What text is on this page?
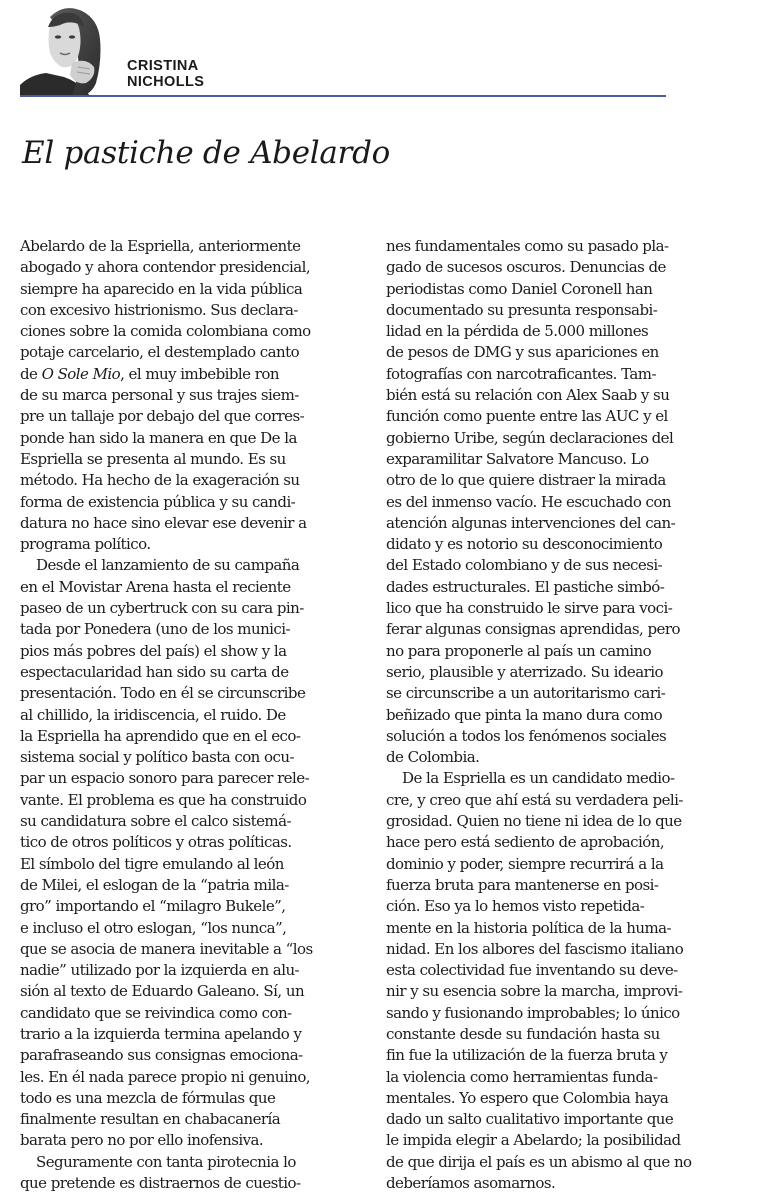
CRISTINA
NICHOLLS
El pastiche de Abelardo
Abelardo de la Espriella, anteriormente
abogado y ahora contendor presidencial,
siempre ha aparecido en la vida pública
con excesivo histrionismo. Sus declara-
ciones sobre la comida colombiana como
potaje carcelario, el destemplado canto
de O Sole Mio, el muy imbebible ron
de su marca personal y sus trajes siem-
pre un tallaje por debajo del que corres-
ponde han sido la manera en que De la
Espriella se presenta al mundo. Es su
método. Ha hecho de la exageración su
forma de existencia pública y su candi-
datura no hace sino elevar ese devenir a
programa político.
Desde el lanzamiento de su campaña
en el Movistar Arena hasta el reciente
paseo de un cybertruck con su cara pin-
tada por Ponedera (uno de los munici-
pios más pobres del país) el show y la
espectacularidad han sido su carta de
presentación. Todo en él se circunscribe
al chillido, la iridiscencia, el ruido. De
la Espriella ha aprendido que en el eco-
sistema social y político basta con ocu-
par un espacio sonoro para parecer rele-
vante. El problema es que ha construido
su candidatura sobre el calco sistemá-
tico de otros políticos y otras políticas.
El símbolo del tigre emulando al león
de Milei, el eslogan de la “patria mila-
gro” importando el “milagro Bukele”,
e incluso el otro eslogan, “los nunca”,
que se asocia de manera inevitable a “los
nadie” utilizado por la izquierda en alu-
sión al texto de Eduardo Galeano. Sí, un
candidato que se reivindica como con-
trario a la izquierda termina apelando y
parafraseando sus consignas emociona-
les. En él nada parece propio ni genuino,
todo es una mezcla de fórmulas que
finalmente resultan en chabacanería
barata pero no por ello inofensiva.
Seguramente con tanta pirotecnia lo
que pretende es distraernos de cuestio-
nes fundamentales como su pasado pla-
gado de sucesos oscuros. Denuncias de
periodistas como Daniel Coronell han
documentado su presunta responsabi-
lidad en la pérdida de 5.000 millones
de pesos de DMG y sus apariciones en
fotografías con narcotraficantes. Tam-
bién está su relación con Alex Saab y su
función como puente entre las AUC y el
gobierno Uribe, según declaraciones del
exparamilitar Salvatore Mancuso. Lo
otro de lo que quiere distraer la mirada
es del inmenso vacío. He escuchado con
atención algunas intervenciones del can-
didato y es notorio su desconocimiento
del Estado colombiano y de sus necesi-
dades estructurales. El pastiche simbó-
lico que ha construido le sirve para voci-
ferar algunas consignas aprendidas, pero
no para proponerle al país un camino
serio, plausible y aterrizado. Su ideario
se circunscribe a un autoritarismo cari-
beñizado que pinta la mano dura como
solución a todos los fenómenos sociales
de Colombia.
De la Espriella es un candidato medio-
cre, y creo que ahí está su verdadera peli-
grosidad. Quien no tiene ni idea de lo que
hace pero está sediento de aprobación,
dominio y poder, siempre recurrirá a la
fuerza bruta para mantenerse en posi-
ción. Eso ya lo hemos visto repetida-
mente en la historia política de la huma-
nidad. En los albores del fascismo italiano
esta colectividad fue inventando su deve-
nir y su esencia sobre la marcha, improvi-
sando y fusionando improbables; lo único
constante desde su fundación hasta su
fin fue la utilización de la fuerza bruta y
la violencia como herramientas funda-
mentales. Yo espero que Colombia haya
dado un salto cualitativo importante que
le impida elegir a Abelardo; la posibilidad
de que dirija el país es un abismo al que no
deberíamos asomarnos.
